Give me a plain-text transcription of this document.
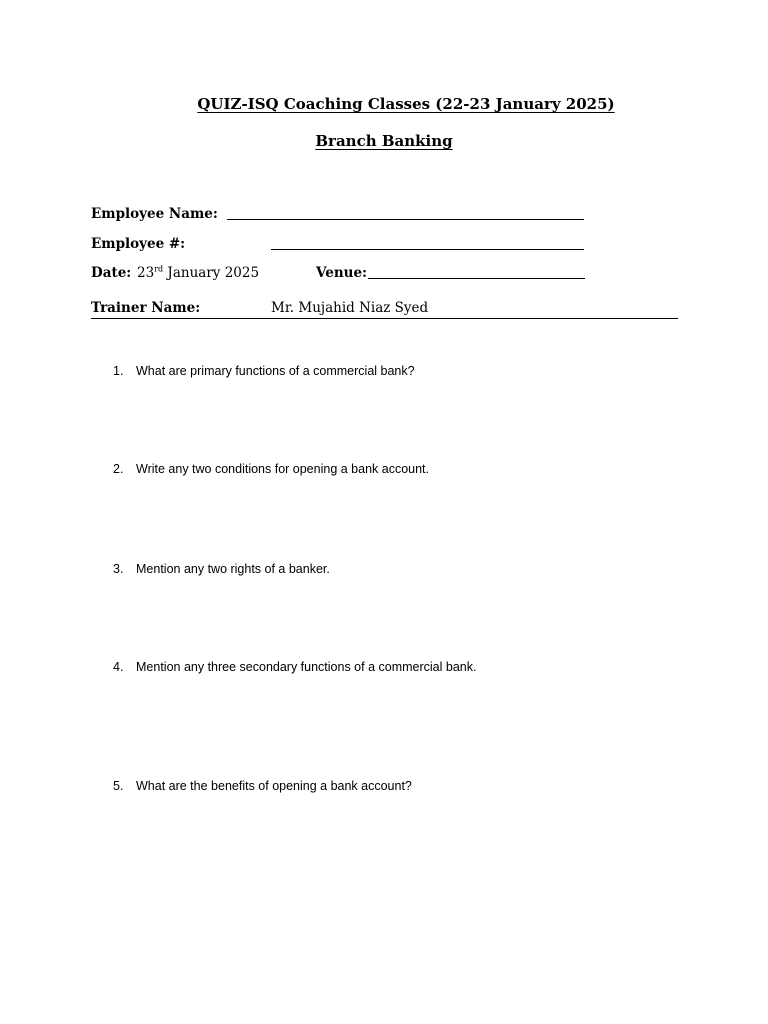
QUIZ-ISQ Coaching Classes (22-23 January 2025)
Branch Banking
Employee Name:
Employee #:
Date: 23rd January 2025	Venue:
Trainer Name:	Mr. Mujahid Niaz Syed
1. What are primary functions of a commercial bank?
2. Write any two conditions for opening a bank account.
3. Mention any two rights of a banker.
4. Mention any three secondary functions of a commercial bank.
5. What are the benefits of opening a bank account?
